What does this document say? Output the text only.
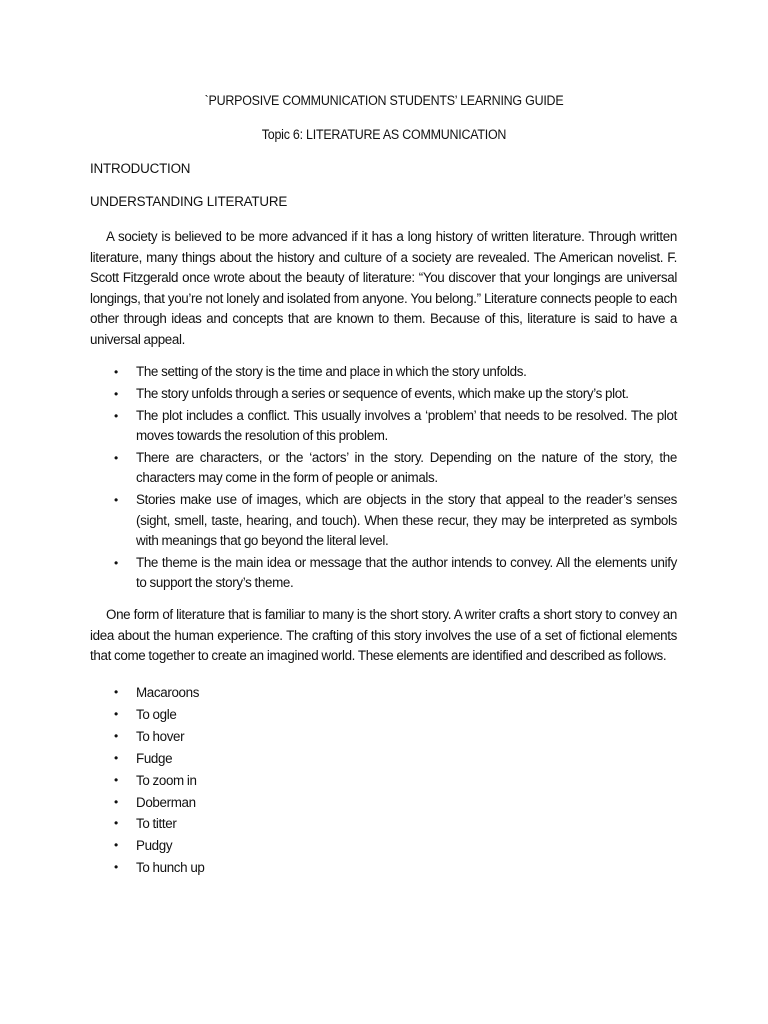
`PURPOSIVE COMMUNICATION STUDENTS’ LEARNING GUIDE
Topic 6: LITERATURE AS COMMUNICATION
INTRODUCTION
UNDERSTANDING LITERATURE

A society is believed to be more advanced if it has a long history of written literature. Through written literature, many things about the history and culture of a society are revealed. The American novelist. F. Scott Fitzgerald once wrote about the beauty of literature: “You discover that your longings are universal longings, that you’re not lonely and isolated from anyone. You belong.” Literature connects people to each other through ideas and concepts that are known to them. Because of this, literature is said to have a universal appeal.

• The setting of the story is the time and place in which the story unfolds.
• The story unfolds through a series or sequence of events, which make up the story’s plot.
• The plot includes a conflict. This usually involves a ‘problem’ that needs to be resolved. The plot moves towards the resolution of this problem.
• There are characters, or the ‘actors’ in the story. Depending on the nature of the story, the characters may come in the form of people or animals.
• Stories make use of images, which are objects in the story that appeal to the reader’s senses (sight, smell, taste, hearing, and touch). When these recur, they may be interpreted as symbols with meanings that go beyond the literal level.
• The theme is the main idea or message that the author intends to convey. All the elements unify to support the story’s theme.

One form of literature that is familiar to many is the short story. A writer crafts a short story to convey an idea about the human experience. The crafting of this story involves the use of a set of fictional elements that come together to create an imagined world. These elements are identified and described as follows.

• Macaroons
• To ogle
• To hover
• Fudge
• To zoom in
• Doberman
• To titter
• Pudgy
• To hunch up
